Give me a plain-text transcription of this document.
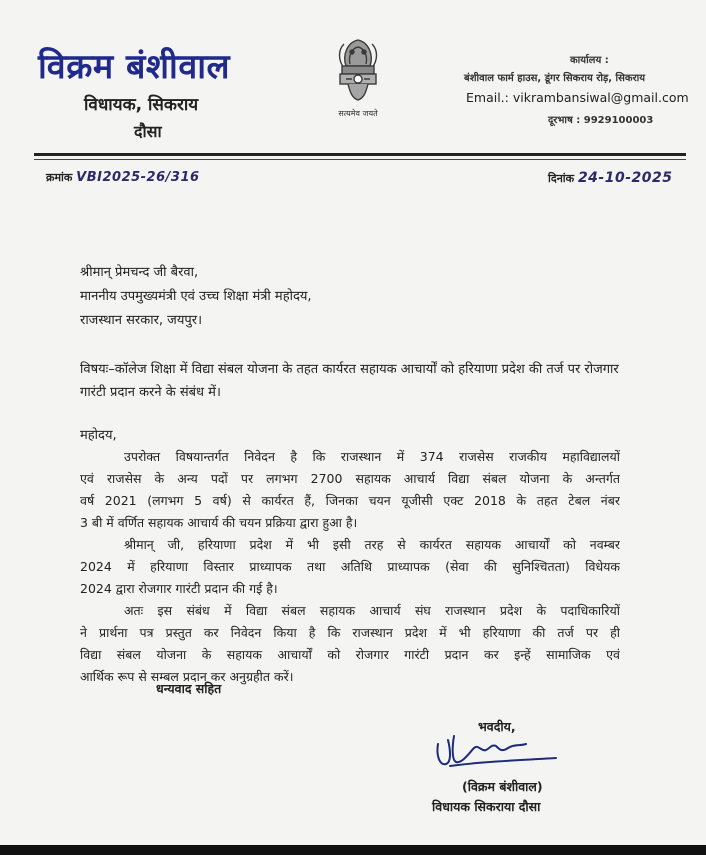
विक्रम बंशीवाल
विधायक, सिकराय
दौसा
सत्यमेव जयते
कार्यालय :
बंशीवाल फार्म हाउस, डूंगर सिकराय रोड़, सिकराय
Email.: vikrambansiwal@gmail.com
दूरभाष : 9929100003
क्रमांक VBI2025-26/316	दिनांक 24-10-2025
श्रीमान् प्रेमचन्द जी बैरवा,
माननीय उपमुख्यमंत्री एवं उच्च शिक्षा मंत्री महोदय,
राजस्थान सरकार, जयपुर।
विषयः–कॉलेज शिक्षा में विद्या संबल योजना के तहत कार्यरत सहायक आचार्यों को हरियाणा प्रदेश की तर्ज पर रोजगार गारंटी प्रदान करने के संबंध में।
महोदय,
उपरोक्त विषयान्तर्गत निवेदन है कि राजस्थान में 374 राजसेस राजकीय महाविद्यालयों
एवं राजसेस के अन्य पदों पर लगभग 2700 सहायक आचार्य विद्या संबल योजना के अन्तर्गत
वर्ष 2021 (लगभग 5 वर्ष) से कार्यरत हैं, जिनका चयन यूजीसी एक्ट 2018 के तहत टेबल नंबर
3 बी में वर्णित सहायक आचार्य की चयन प्रक्रिया द्वारा हुआ है।
श्रीमान् जी, हरियाणा प्रदेश में भी इसी तरह से कार्यरत सहायक आचार्यों को नवम्बर
2024 में हरियाणा विस्तार प्राध्यापक तथा अतिथि प्राध्यापक (सेवा की सुनिश्चितता) विधेयक
2024 द्वारा रोजगार गारंटी प्रदान की गई है।
अतः इस संबंध में विद्या संबल सहायक आचार्य संघ राजस्थान प्रदेश के पदाधिकारियों
ने प्रार्थना पत्र प्रस्तुत कर निवेदन किया है कि राजस्थान प्रदेश में भी हरियाणा की तर्ज पर ही
विद्या संबल योजना के सहायक आचार्यों को रोजगार गारंटी प्रदान कर इन्हें सामाजिक एवं
आर्थिक रूप से सम्बल प्रदान कर अनुग्रहीत करें।
धन्यवाद सहित
भवदीय,
(विक्रम बंशीवाल)
विधायक सिकराया दौसा
